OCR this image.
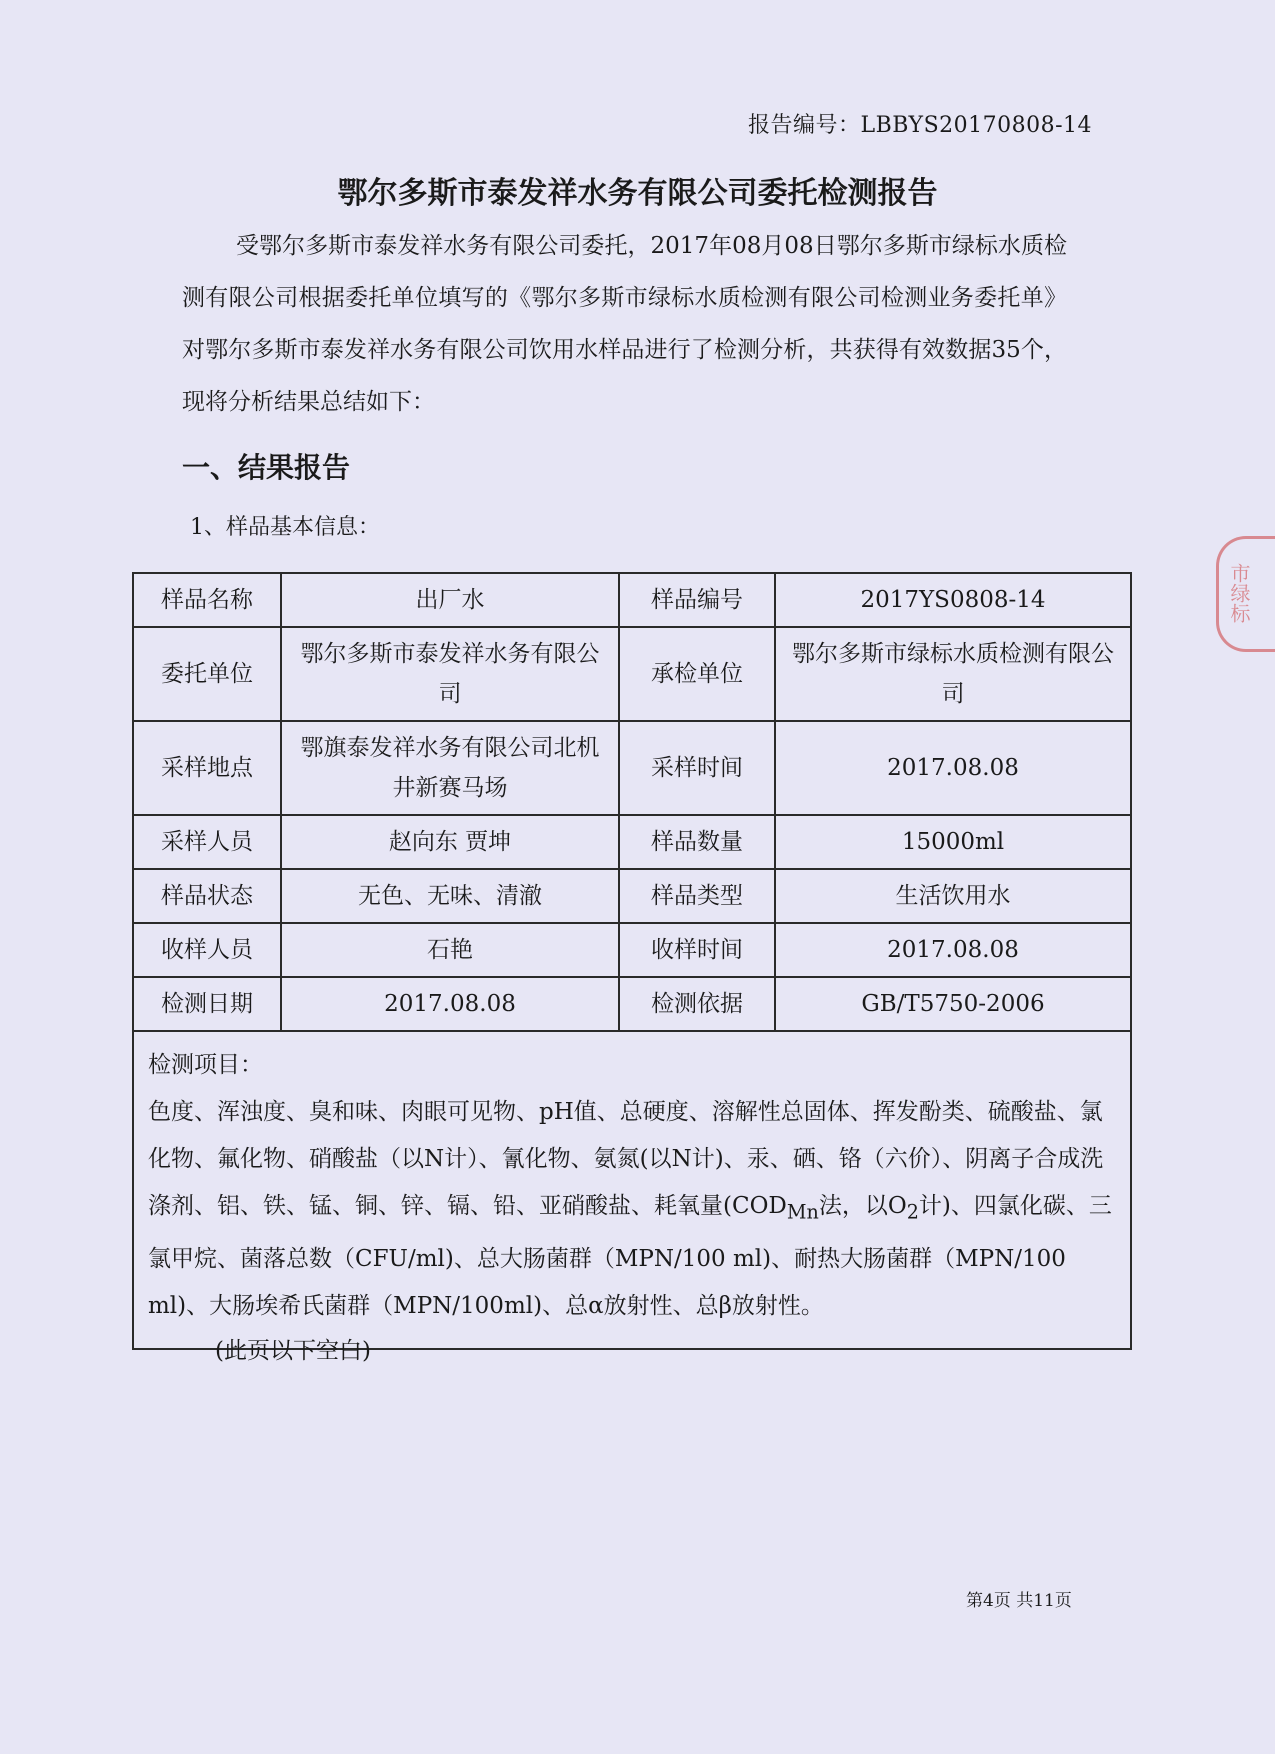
报告编号：LBBYS20170808-14
鄂尔多斯市泰发祥水务有限公司委托检测报告
受鄂尔多斯市泰发祥水务有限公司委托，2017年08月08日鄂尔多斯市绿标水质检测有限公司根据委托单位填写的《鄂尔多斯市绿标水质检测有限公司检测业务委托单》对鄂尔多斯市泰发祥水务有限公司饮用水样品进行了检测分析，共获得有效数据35个，现将分析结果总结如下：
一、结果报告
1、样品基本信息：
样品名称	出厂水	样品编号	2017YS0808-14
委托单位	鄂尔多斯市泰发祥水务有限公司	承检单位	鄂尔多斯市绿标水质检测有限公司
采样地点	鄂旗泰发祥水务有限公司北机井新赛马场	采样时间	2017.08.08
采样人员	赵向东 贾坤	样品数量	15000ml
样品状态	无色、无味、清澈	样品类型	生活饮用水
收样人员	石艳	收样时间	2017.08.08
检测日期	2017.08.08	检测依据	GB/T5750-2006

检测项目：
色度、浑浊度、臭和味、肉眼可见物、pH值、总硬度、溶解性总固体、挥发酚类、硫酸盐、氯化物、氟化物、硝酸盐（以N计）、氰化物、氨氮(以N计)、汞、硒、铬（六价）、阴离子合成洗涤剂、铝、铁、锰、铜、锌、镉、铅、亚硝酸盐、耗氧量($COD_{Mn}$法，以$O_2$计)、四氯化碳、三氯甲烷、菌落总数（CFU/ml)、总大肠菌群（MPN/100 ml)、耐热大肠菌群（MPN/100 ml)、大肠埃希氏菌群（MPN/100ml)、总α放射性、总β放射性。			
(此页以下空白)
第4页 共11页
市绿标
